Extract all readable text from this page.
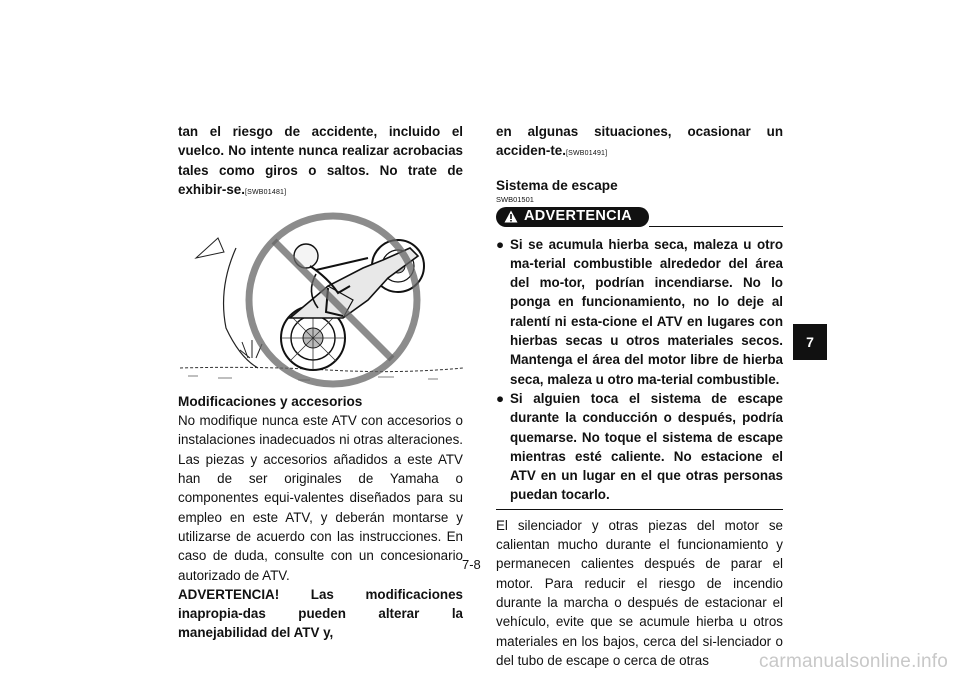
tan el riesgo de accidente, incluido el vuelco. No intente nunca realizar acrobacias tales como giros o saltos. No trate de exhibir-se.[SWB01481]

Modificaciones y accesorios

No modifique nunca este ATV con accesorios o instalaciones inadecuados ni otras alteraciones. Las piezas y accesorios añadidos a este ATV han de ser originales de Yamaha o componentes equi-valentes diseñados para su empleo en este ATV, y deberán montarse y utilizarse de acuerdo con las instrucciones. En caso de duda, consulte con un concesionario autorizado de ATV.

ADVERTENCIA! Las modificaciones inapropia-das pueden alterar la manejabilidad del ATV y,

en algunas situaciones, ocasionar un acciden-te.[SWB01491]

Sistema de escape

SWB01501

ADVERTENCIA
● Si se acumula hierba seca, maleza u otro ma-terial combustible alrededor del área del mo-tor, podrían incendiarse. No lo ponga en funcionamiento, no lo deje al ralentí ni esta-cione el ATV en lugares con hierbas secas u otros materiales secos. Mantenga el área del motor libre de hierba seca, maleza u otro ma-terial combustible.
● Si alguien toca el sistema de escape durante la conducción o después, podría quemarse. No toque el sistema de escape mientras esté caliente. No estacione el ATV en un lugar en el que otras personas puedan tocarlo.

El silenciador y otras piezas del motor se calientan mucho durante el funcionamiento y permanecen calientes después de parar el motor. Para reducir el riesgo de incendio durante la marcha o después de estacionar el vehículo, evite que se acumule hierba u otros materiales en los bajos, cerca del si-lenciador o del tubo de escape o cerca de otras

7
7-8
carmanualsonline.info
